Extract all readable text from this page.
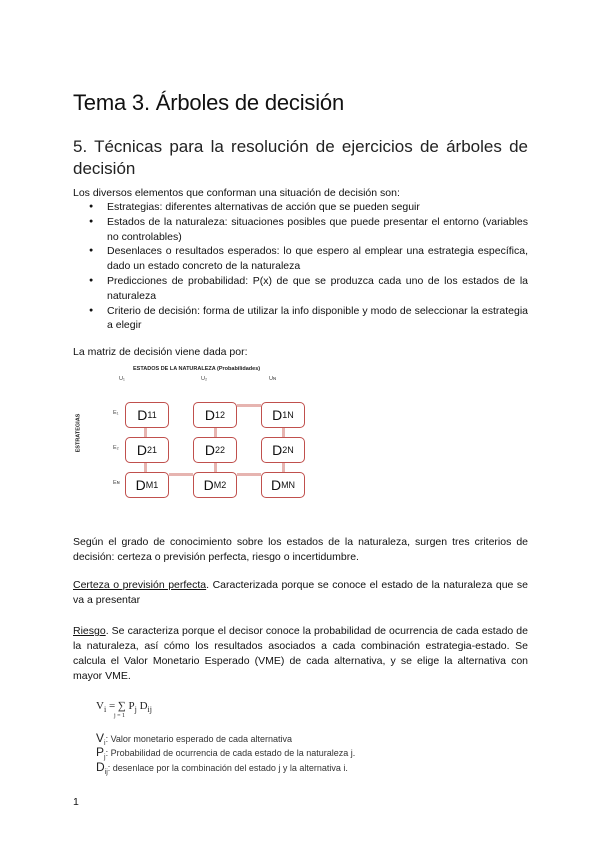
Tema 3. Árboles de decisión
5. Técnicas para la resolución de ejercicios de árboles de decisión
Los diversos elementos que conforman una situación de decisión son:
● Estrategias: diferentes alternativas de acción que se pueden seguir
● Estados de la naturaleza: situaciones posibles que puede presentar el entorno (variables no controlables)
● Desenlaces o resultados esperados: lo que espero al emplear una estrategia específica, dado un estado concreto de la naturaleza
● Predicciones de probabilidad: P(x) de que se produzca cada uno de los estados de la naturaleza
● Criterio de decisión: forma de utilizar la info disponible y modo de seleccionar la estrategia a elegir
La matriz de decisión viene dada por:
ESTADOS DE LA NATURALEZA (Probabilidades)
U₁	U₂	Uɴ
ESTRATEGIAS
E₁
E₂
Eɴ
D 11	D 12	D 1N
D 21	D 22	D 2N
D M1	D M2	D MN
Según el grado de conocimiento sobre los estados de la naturaleza, surgen tres criterios de decisión: certeza o previsión perfecta, riesgo o incertidumbre.
Certeza o previsión perfecta. Caracterizada porque se conoce el estado de la naturaleza que se va a presentar
Riesgo. Se caracteriza porque el decisor conoce la probabilidad de ocurrencia de cada estado de la naturaleza, así cómo los resultados asociados a cada combinación estrategia-estado. Se calcula el Valor Monetario Esperado (VME) de cada alternativa, y se elige la alternativa con mayor VME.
$V_i$ = ∑ $P_j$ $D_{ij}$
j = 1
$V_i$: Valor monetario esperado de cada alternativa
$P_j$: Probabilidad de ocurrencia de cada estado de la naturaleza j.
$D_{ij}$: desenlace por la combinación del estado j y la alternativa i.
1
